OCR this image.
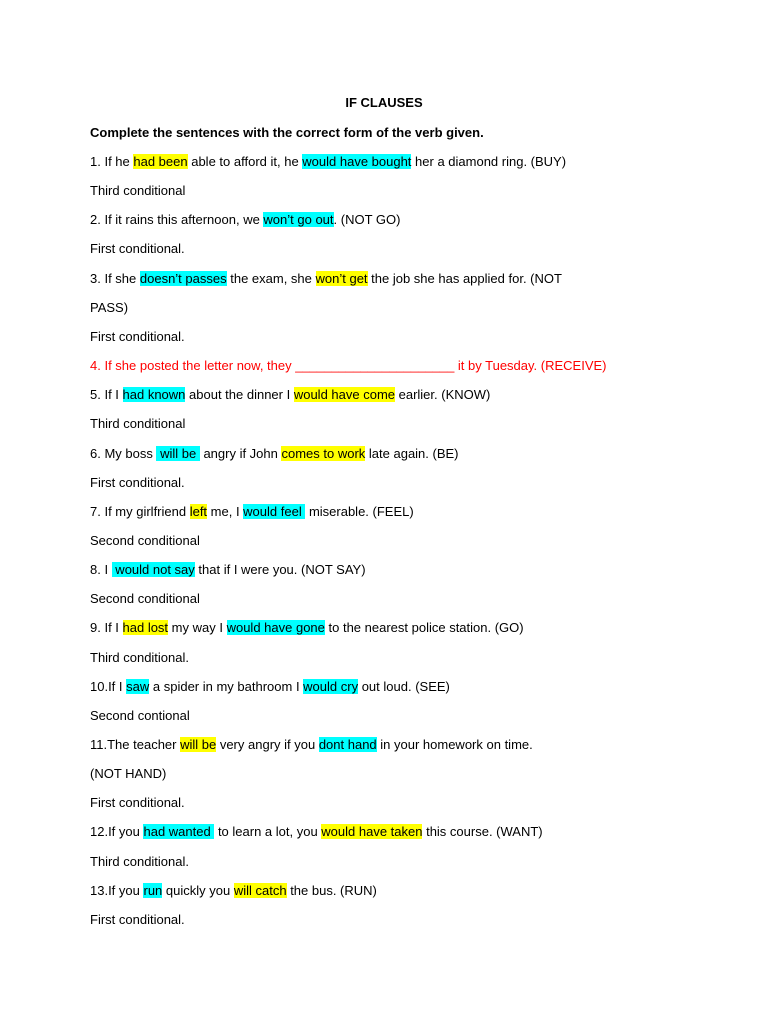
IF CLAUSES
Complete the sentences with the correct form of the verb given.
1. If he had been able to afford it, he would have bought her a diamond ring. (BUY)
Third conditional
2. If it rains this afternoon, we won’t go out. (NOT GO)
First conditional.
3. If she doesn’t passes the exam, she won’t get the job she has applied for. (NOT
PASS)
First conditional.
4. If she posted the letter now, they ______________________ it by Tuesday. (RECEIVE)
5. If I had known about the dinner I would have come earlier. (KNOW)
Third conditional
6. My boss  will be  angry if John comes to work late again. (BE)
First conditional.
7. If my girlfriend left me, I would feel  miserable. (FEEL)
Second conditional
8. I  would not say that if I were you. (NOT SAY)
Second conditional
9. If I had lost my way I would have gone to the nearest police station. (GO)
Third conditional.
10.If I saw a spider in my bathroom I would cry out loud. (SEE)
Second contional
11.The teacher will be very angry if you dont hand in your homework on time.
(NOT HAND)
First conditional.
12.If you had wanted  to learn a lot, you would have taken this course. (WANT)
Third conditional.
13.If you run quickly you will catch the bus. (RUN)
First conditional.
